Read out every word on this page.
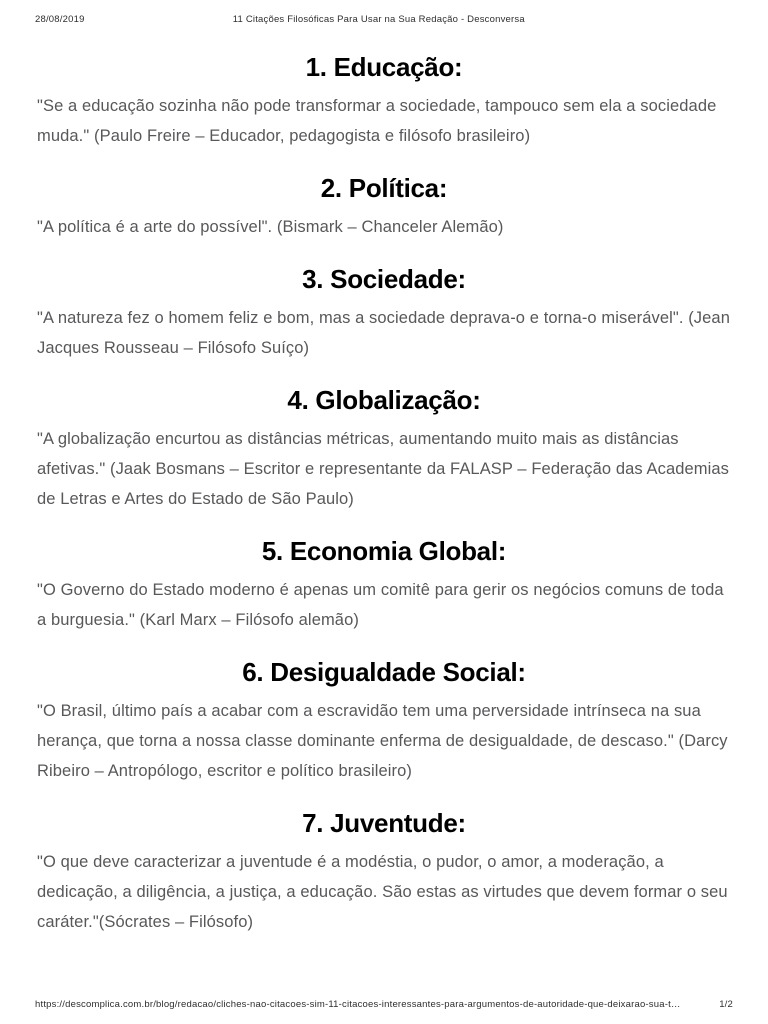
28/08/2019	11 Citações Filosóficas Para Usar na Sua Redação - Desconversa
1. Educação:

"Se a educação sozinha não pode transformar a sociedade, tampouco sem ela a sociedade muda." (Paulo Freire – Educador, pedagogista e filósofo brasileiro)

2. Política:

"A política é a arte do possível". (Bismark – Chanceler Alemão)

3. Sociedade:

"A natureza fez o homem feliz e bom, mas a sociedade deprava-o e torna-o miserável". (Jean Jacques Rousseau – Filósofo Suíço)

4. Globalização:

"A globalização encurtou as distâncias métricas, aumentando muito mais as distâncias afetivas." (Jaak Bosmans – Escritor e representante da FALASP – Federação das Academias de Letras e Artes do Estado de São Paulo)

5. Economia Global:

"O Governo do Estado moderno é apenas um comitê para gerir os negócios comuns de toda a burguesia." (Karl Marx – Filósofo alemão)

6. Desigualdade Social:

"O Brasil, último país a acabar com a escravidão tem uma perversidade intrínseca na sua herança, que torna a nossa classe dominante enferma de desigualdade, de descaso." (Darcy Ribeiro – Antropólogo, escritor e político brasileiro)

7. Juventude:

"O que deve caracterizar a juventude é a modéstia, o pudor, o amor, a moderação, a dedicação, a diligência, a justiça, a educação. São estas as virtudes que devem formar o seu caráter."(Sócrates – Filósofo)

https://descomplica.com.br/blog/redacao/cliches-nao-citacoes-sim-11-citacoes-interessantes-para-argumentos-de-autoridade-que-deixarao-sua-t…	1/2
